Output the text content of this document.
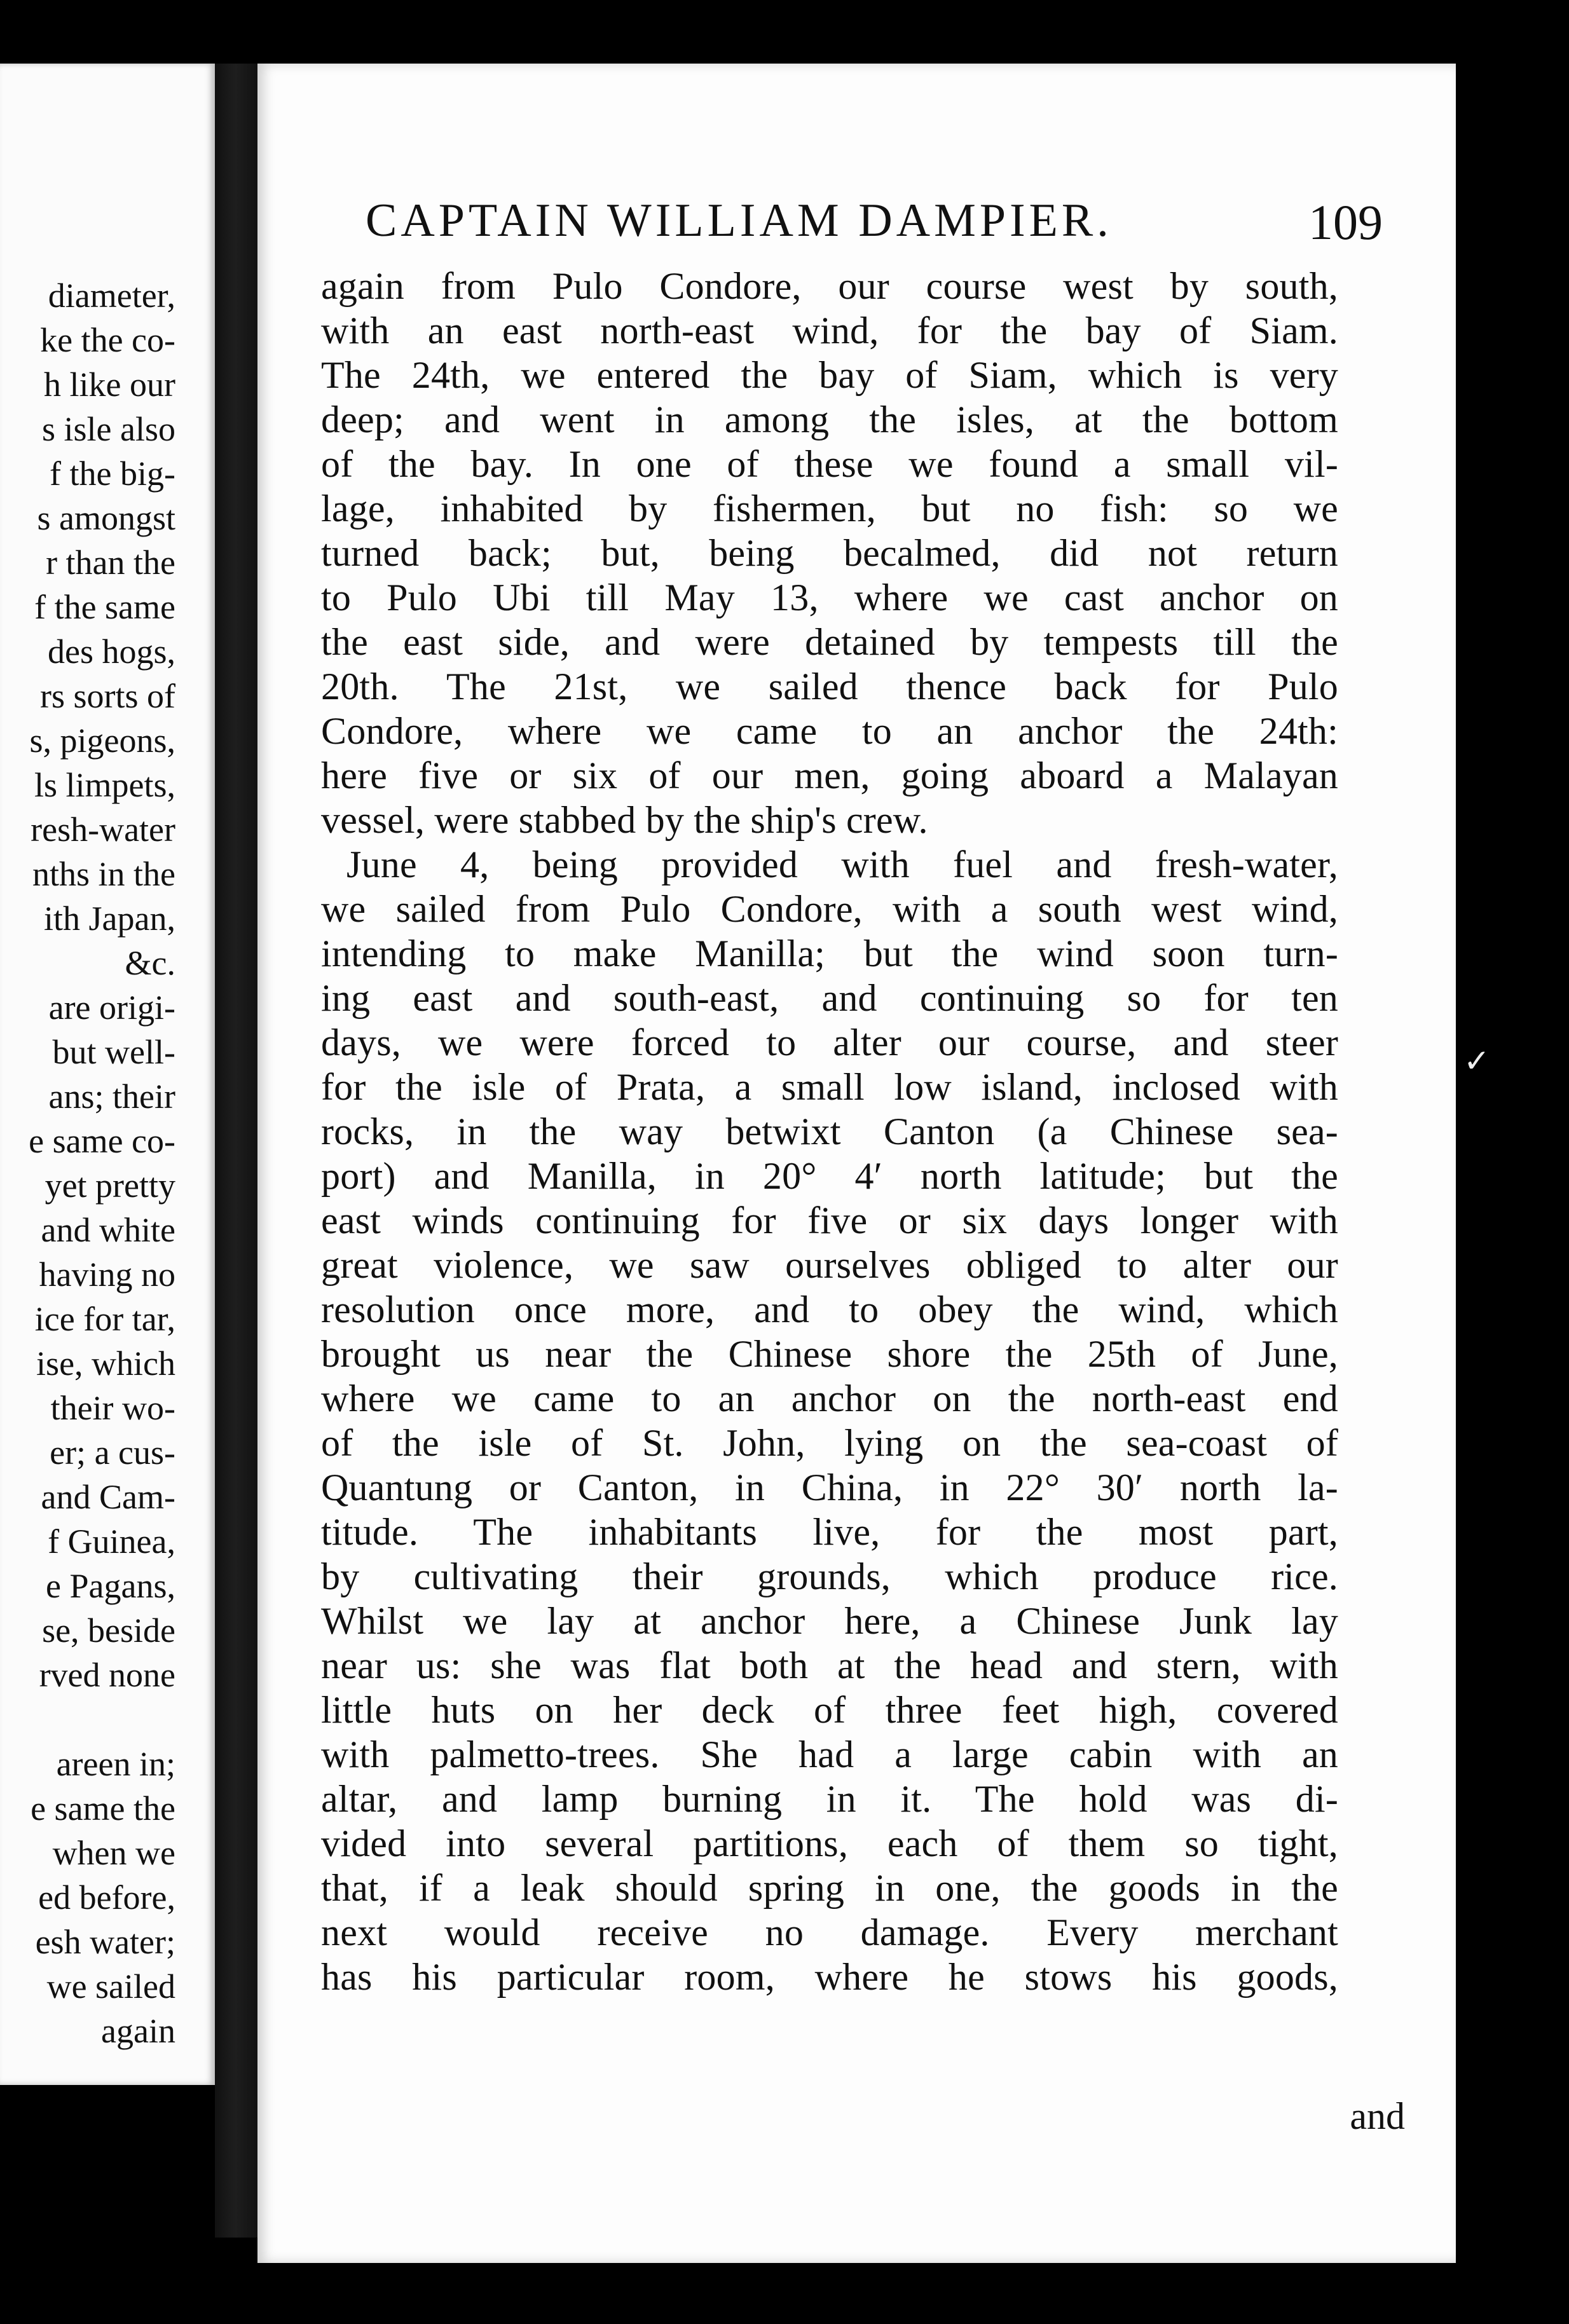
diameter,
ke the co-
h like our
s isle also
f the big-
s amongst
r than the
f the same
des hogs,
rs sorts of
s, pigeons,
ls limpets,
resh-water
nths in the
ith Japan,
&c.
are origi-
but well-
ans; their
e same co-
yet pretty
and white
having no
ice for tar,
ise, which
their wo-
er; a cus-
and Cam-
f Guinea,
e Pagans,
se, beside
rved none
areen in;
e same the
when we
ed before,
esh water;
we sailed
again
CAPTAIN WILLIAM DAMPIER.	109
again from Pulo Condore, our course west by south,
with an east north-east wind, for the bay of Siam.
The 24th, we entered the bay of Siam, which is very
deep; and went in among the isles, at the bottom
of the bay. In one of these we found a small vil-
lage, inhabited by fishermen, but no fish: so we
turned back; but, being becalmed, did not return
to Pulo Ubi till May 13, where we cast anchor on
the east side, and were detained by tempests till the
20th. The 21st, we sailed thence back for Pulo
Condore, where we came to an anchor the 24th:
here five or six of our men, going aboard a Malayan
vessel, were stabbed by the ship's crew.
June 4, being provided with fuel and fresh-water,
we sailed from Pulo Condore, with a south west wind,
intending to make Manilla; but the wind soon turn-
ing east and south-east, and continuing so for ten
days, we were forced to alter our course, and steer
for the isle of Prata, a small low island, inclosed with
rocks, in the way betwixt Canton (a Chinese sea-
port) and Manilla, in 20° 4′ north latitude; but the
east winds continuing for five or six days longer with
great violence, we saw ourselves obliged to alter our
resolution once more, and to obey the wind, which
brought us near the Chinese shore the 25th of June,
where we came to an anchor on the north-east end
of the isle of St. John, lying on the sea-coast of
Quantung or Canton, in China, in 22° 30′ north la-
titude. The inhabitants live, for the most part,
by cultivating their grounds, which produce rice.
Whilst we lay at anchor here, a Chinese Junk lay
near us: she was flat both at the head and stern, with
little huts on her deck of three feet high, covered
with palmetto-trees. She had a large cabin with an
altar, and lamp burning in it. The hold was di-
vided into several partitions, each of them so tight,
that, if a leak should spring in one, the goods in the
next would receive no damage. Every merchant
has his particular room, where he stows his goods,
and
✓
